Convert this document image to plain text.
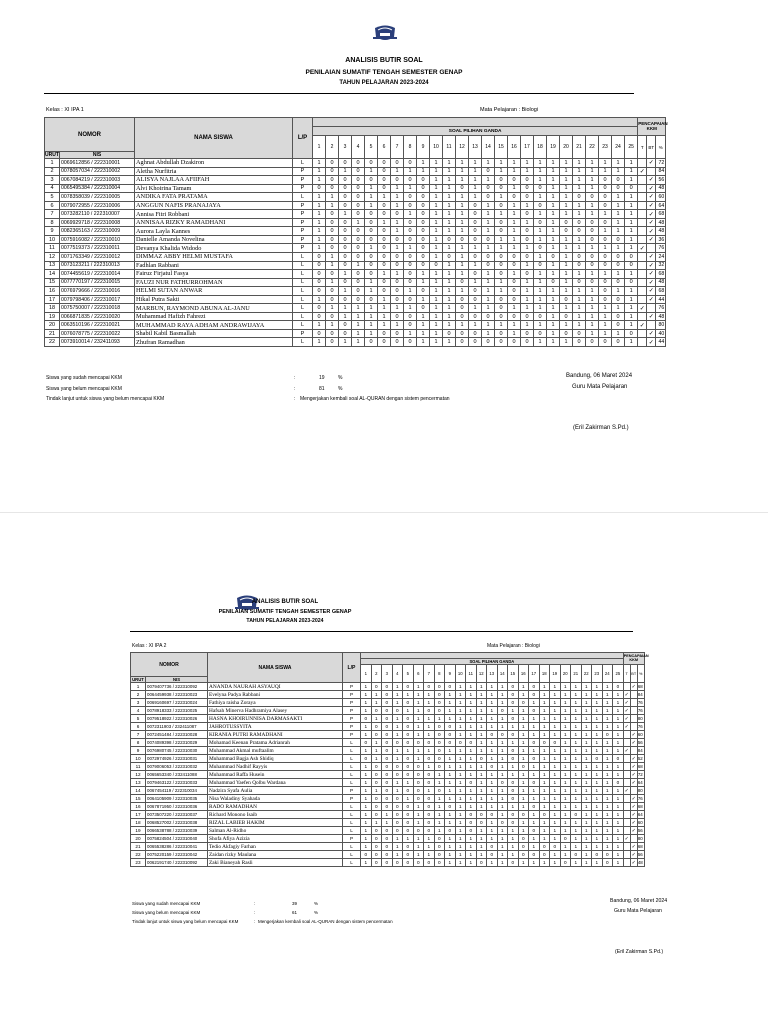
ANALISIS BUTIR SOAL
PENILAIAN SUMATIF TENGAH SEMESTER GENAP
TAHUN PELAJARAN 2023-2024
Kelas : XI IPA 1	Mata Pelajaran : Biologi
NOMOR		NAMA SISWA	L/P																										PENCAPAIAN KKM		
				SOAL PILIHAN GANDA																											
				1	2	3	4	5	6	7	8	9	10	11	12	13	14	15	16	17	18	19	20	21	22	23	24	25	T	BT	%
URUT	NIS																														
1	0069612856 / 222310001	Aghnat Abdullah Dzakiron	L	1	0	0	0	0	0	0	0	1	1	1	1	1	1	1	1	1	1	1	1	1	1	1	1	1		✓	72
2	0078057034 / 222310002	Aletha Nurfitria	P	1	0	1	0	1	0	1	1	1	1	1	1	1	0	1	1	1	1	1	1	1	1	1	1	1	✓		84
3	0067084219 / 222310003	ALISYA NAJLAA AFIIFAH	P	1	0	0	0	0	0	0	0	0	1	1	1	1	1	0	0	0	1	1	1	1	1	0	0	1		✓	56
4	0065495384 / 222310004	Alvi Khoirina Tamam	P	0	0	0	0	1	0	1	1	0	1	1	0	1	0	0	1	0	0	1	1	1	1	0	0	0		✓	48
5	0078358039 / 222310005	ANDIKA FATA PRATAMA	L	1	1	0	0	1	1	1	0	0	1	1	1	1	0	1	0	0	1	1	1	0	0	0	1	1		✓	60
6	0079072955 / 222310006	ANGGUN NAFIS PRANAJAYA	P	1	1	0	0	1	0	1	0	0	1	1	1	0	1	0	1	1	0	1	1	1	1	0	1	1		✓	64
7	0073282110 / 222310007	Annisa Fitri Robbani	P	1	0	1	0	0	0	0	1	0	1	1	1	0	1	1	1	0	1	1	1	1	1	1	1	1		✓	68
8	0069929718 / 222310008	ANNISAA RIZKY RAMADHANI	P	1	0	0	1	0	1	1	0	0	1	1	1	0	1	0	1	1	0	1	0	0	0	0	1	1		✓	48
9	0082365163 / 222310009	Aurora Layla Kannes	P	1	0	0	0	0	0	1	0	0	1	1	1	0	1	0	1	0	1	1	0	0	0	1	1	1		✓	48
10	0075916082 / 222310010	Danielle Amanda Novelina	P	1	0	0	0	0	0	0	0	0	1	0	0	0	0	1	1	0	1	1	1	1	0	0	0	1		✓	36
11	0077519373 / 222310011	Devanya Khalida Widodo	P	1	0	0	0	1	0	1	1	0	1	1	1	1	1	1	1	1	0	1	1	1	1	1	1	1	✓		76
12	0071763349 / 222310012	DIMMAZ ABBY HELMI MUSTAFA	L	0	1	0	0	0	0	0	0	0	1	0	1	0	0	0	0	0	1	0	1	0	0	0	0	0		✓	24
13	0073123211 / 222310013	Fadhlan Rabbani	L	0	1	0	1	0	0	0	0	0	0	1	1	1	0	0	0	1	0	1	1	0	0	0	0	0		✓	32
14	0074455619 / 222310014	Fairuz Firjatul Fasya	L	0	0	1	0	0	1	1	0	1	1	1	1	0	1	0	1	0	1	1	1	1	1	1	1	1		✓	68
15	0077770197 / 222310015	FAUZI NUR FATHURROHMAN	L	0	1	0	0	1	0	0	0	1	1	1	0	1	1	1	0	1	1	0	1	0	0	0	0	0		✓	48
16	0076979666 / 222310016	HELMI SUTAN ANWAR	L	0	0	1	0	1	0	0	1	0	1	1	1	0	1	1	0	1	1	1	1	1	1	0	1	1		✓	68
17	0079798406 / 222310017	Hikal Putra Sakti	L	1	0	0	0	0	1	0	0	1	1	1	0	0	1	0	0	1	1	1	0	1	1	0	0	1		✓	44
18	0075750007 / 222310018	MARBUN, RAYMOND ABUNA AL-JANU	L	0	1	1	1	1	1	1	1	0	1	1	0	1	1	0	1	1	1	1	1	1	1	1	1	1	✓		76
19	0066871835 / 222310020	Muhammad Hafizh Fahrezi	L	0	0	1	1	1	1	0	0	1	1	1	0	0	0	0	0	0	0	1	0	1	1	1	0	1		✓	48
20	0063510196 / 222310021	MUHAMMAD RAYA ADHAM ANDRAWIJAYA	L	1	1	0	1	1	1	1	0	1	1	1	1	1	1	1	1	1	1	1	1	1	1	1	0	1	✓		80
21	0076078775 / 222310022	Shabil Kabil Basmallah	P	0	0	0	1	1	0	0	1	1	1	0	0	0	1	0	1	0	0	1	0	0	1	1	1	0		✓	40
22	0073910014 / 232411093	Zhufran Ramadhan	L	1	0	1	1	0	0	0	0	1	1	1	0	0	0	0	0	0	1	1	1	0	0	0	0	1		✓	44
Siswa yang sudah mencapai KKM	:	19	%
Siswa yang belum mencapai KKM	:	81	%
Tindak lanjut untuk siswa yang belum mencapai KKM	: Mengerjakan kembali soal AL-QURAN dengan sistem pencermatan
Bandung, 06 Maret 2024
Guru Mata Pelajaran
(Eril Zakirman S.Pd.)
ANALISIS BUTIR SOAL
PENILAIAN SUMATIF TENGAH SEMESTER GENAP
TAHUN PELAJARAN 2023-2024
Kelas : XI IPA 2	Mata Pelajaran : Biologi
NOMOR		NAMA SISWA	L/P																										PENCAPAIAN KKM		
				SOAL PILIHAN GANDA																											
				1	2	3	4	5	6	7	8	9	10	11	12	13	14	15	16	17	18	19	20	21	22	23	24	25	T	BT	%
URUT	NIS																														
1	0079407736 / 222310092	ANANDA NAURAH ASYAUQI	P	1	0	0	1	0	1	0	0	0	1	1	1	1	1	0	1	0	1	1	1	1	1	1	1	0		✓	68
2	0064459938 / 222310023	Evelyna Padya Rabbani	P	1	1	0	1	1	1	1	0	1	1	1	1	1	1	0	1	0	1	1	1	1	1	1	1	1	✓		84
3	0069160697 / 222310024	Fathiya raisha Zoraya	P	1	1	0	1	0	1	1	0	1	1	1	1	1	1	0	0	1	1	1	1	1	1	1	1	1	✓		76
4	0078918333 / 222310025	Hafsah Minerva Hadhramiya Alasey	P	1	0	0	0	1	1	0	0	1	1	1	1	1	0	1	1	0	1	1	1	1	1	1	1	1	✓		76
5	0079518922 / 222310026	HASNA KHOIRUNNISA DARMASAKTI	P	0	1	0	1	0	1	1	1	1	1	1	1	1	1	0	1	1	1	1	1	1	1	1	1	1	✓		80
6	0072311903 / 232411087	JAHROTUSSYITA	P	1	0	0	1	0	1	1	0	0	1	1	1	1	1	1	1	1	1	1	1	1	1	1	1	1	✓		76
7	0072451484 / 222310028	KIRANIA PUTRI RAMADHANI	P	1	0	0	1	0	1	1	0	0	1	1	1	0	0	0	1	1	1	1	1	1	1	1	0	1		✓	60
8	0074089398 / 222310029	Mohamad Keenan Pratama Adrianrah	L	0	1	0	0	0	0	0	0	0	0	0	1	1	1	1	1	0	0	0	1	1	1	1	1	1		✓	56
9	0076980745 / 222310030	Muhammad Akmal muftaalim	L	1	1	0	1	1	1	1	0	1	1	1	1	1	1	0	1	1	1	1	1	1	1	1	1	1	✓		84
10	0072974926 / 222310031	Muhammad Bagja Ash Shidiq	L	0	1	0	1	0	1	0	0	1	1	1	0	1	1	0	1	0	1	1	1	1	1	0	1	0		✓	52
11	0079006053 / 222310032	Muhammad Nadhif Rayyis	L	1	0	0	0	0	0	1	0	1	1	1	1	0	1	1	0	1	1	1	1	1	1	1	1	1		✓	68
12	0065653340 / 232411088	Muhammad Raffa Husein	L	1	0	0	0	0	0	0	1	1	1	1	1	1	1	1	1	1	1	1	1	1	1	1	1	1		✓	72
13	0079463122 / 222310033	Muhammad Yaefen Qolbu Wardana	L	1	0	0	1	1	0	0	1	1	1	0	1	1	0	0	1	0	1	1	1	1	1	1	1	0		✓	64
14	0067454119 / 222310034	Nadzira Syafa Aulia	P	1	1	0	1	0	0	1	0	1	1	1	1	1	1	0	1	1	1	1	1	1	1	1	1	1	✓		80
15	0064105909 / 222310035	Nisa Waladiny Syahada	P	1	0	0	0	1	0	0	1	1	1	1	1	1	1	0	1	1	1	1	1	1	1	1	1	1		✓	76
16	0067871950 / 222310036	RADO RAMADHAN	L	1	0	0	0	0	1	0	1	0	1	1	1	1	1	1	1	0	1	1	1	1	1	1	1	1		✓	68
17	0073507220 / 222310037	Richard Monono Isaib	L	1	0	1	0	0	1	0	1	1	1	0	0	0	1	0	0	1	0	1	1	0	1	1	1	1		✓	64
18	0068527002 / 222310038	RIZAL LABIEB HAKIM	L	1	1	1	0	0	1	0	1	1	1	0	0	1	0	0	1	1	1	1	1	1	1	1	1	1		✓	60
19	0066538788 / 222310039	Salman Al-Ridho	L	1	0	0	0	0	0	0	1	0	1	0	1	1	1	1	1	0	1	1	1	1	1	1	1	1		✓	56
20	0075824504 / 222310040	Shofa Afiya Azizia	P	1	0	0	1	1	1	1	0	1	1	1	1	1	1	1	0	1	1	1	0	1	1	1	1	1	✓		80
21	0065538286 / 222310041	Tedio Akfagiy Farhan	L	1	0	0	1	0	1	1	0	1	1	1	1	0	1	1	0	1	0	0	1	1	1	1	1	1		✓	68
22	0075220159 / 222310042	Zaidan rizky Maulana	L	0	0	0	1	0	1	1	0	1	1	1	1	0	1	1	0	0	0	1	1	0	1	0	0	1		✓	56
23	0062191740 / 222310092	Zaki Bianeyah Rasli	L	1	0	0	0	0	0	0	0	1	1	1	0	1	1	0	1	1	1	1	0	1	1	1	0	1		✓	48
Siswa yang sudah mencapai KKM	:	39	%
Siswa yang belum mencapai KKM	:	61	%
Tindak lanjut untuk siswa yang belum mencapai KKM	: Mengerjakan kembali soal AL-QURAN dengan sistem pencermatan
Bandung, 06 Maret 2024
Guru Mata Pelajaran
(Eril Zakirman S.Pd.)
